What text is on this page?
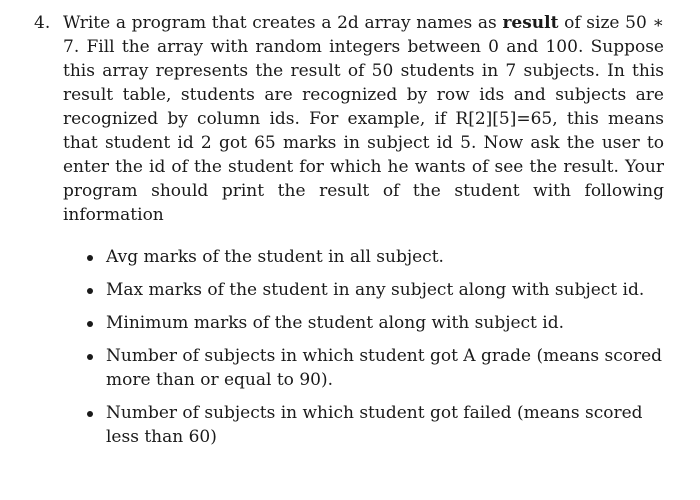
4. Write a program that creates a 2d array names as result of size 50 ∗ 7. Fill the array with random integers between 0 and 100. Suppose this array represents the result of 50 students in 7 subjects. In this result table, students are recognized by row ids and subjects are recognized by column ids. For example, if R[2][5]=65, this means that student id 2 got 65 marks in subject id 5. Now ask the user to enter the id of the student for which he wants of see the result. Your program should print the result of the student with following information
Avg marks of the student in all subject.
Max marks of the student in any subject along with subject id.
Minimum marks of the student along with subject id.
Number of subjects in which student got A grade (means scored more than or equal to 90).
Number of subjects in which student got failed (means scored less than 60)
